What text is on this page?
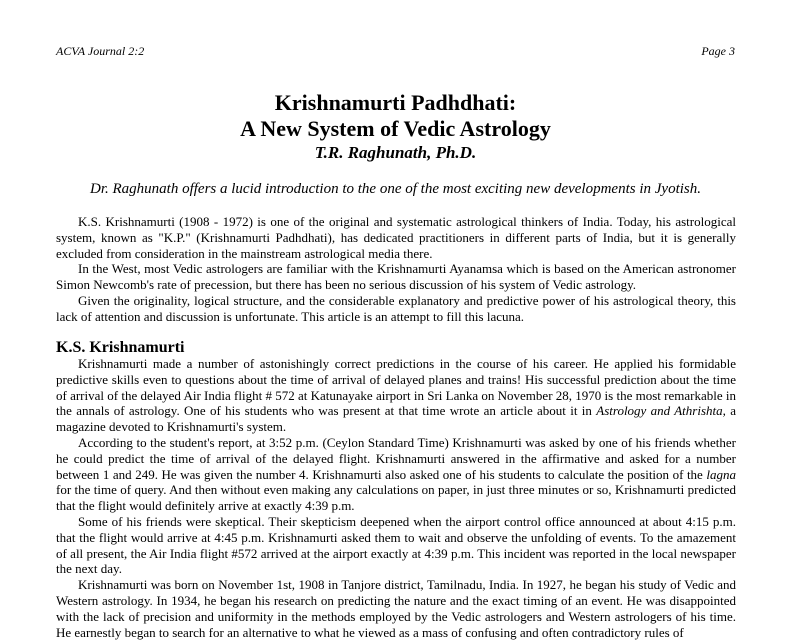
ACVA Journal 2:2	Page 3
Krishnamurti Padhdhati:
A New System of Vedic Astrology
T.R. Raghunath, Ph.D.
Dr. Raghunath offers a lucid introduction to the one of the most exciting new developments in Jyotish.

K.S. Krishnamurti (1908 - 1972) is one of the original and systematic astrological thinkers of India. Today, his astrological system, known as "K.P." (Krishnamurti Padhdhati), has dedicated practitioners in different parts of India, but it is generally excluded from consideration in the mainstream astrological media there.

In the West, most Vedic astrologers are familiar with the Krishnamurti Ayanamsa which is based on the American astronomer Simon Newcomb's rate of precession, but there has been no serious discussion of his system of Vedic astrology.

Given the originality, logical structure, and the considerable explanatory and predictive power of his astrological theory, this lack of attention and discussion is unfortunate. This article is an attempt to fill this lacuna.

K.S. Krishnamurti

Krishnamurti made a number of astonishingly correct predictions in the course of his career. He applied his formidable predictive skills even to questions about the time of arrival of delayed planes and trains! His successful prediction about the time of arrival of the delayed Air India flight # 572 at Katunayake airport in Sri Lanka on November 28, 1970 is the most remarkable in the annals of astrology. One of his students who was present at that time wrote an article about it in Astrology and Athrishta, a magazine devoted to Krishnamurti's system.

According to the student's report, at 3:52 p.m. (Ceylon Standard Time) Krishnamurti was asked by one of his friends whether he could predict the time of arrival of the delayed flight. Krishnamurti answered in the affirmative and asked for a number between 1 and 249. He was given the number 4. Krishnamurti also asked one of his students to calculate the position of the lagna for the time of query. And then without even making any calculations on paper, in just three minutes or so, Krishnamurti predicted that the flight would definitely arrive at exactly 4:39 p.m.

Some of his friends were skeptical. Their skepticism deepened when the airport control office announced at about 4:15 p.m. that the flight would arrive at 4:45 p.m. Krishnamurti asked them to wait and observe the unfolding of events. To the amazement of all present, the Air India flight #572 arrived at the airport exactly at 4:39 p.m. This incident was reported in the local newspaper the next day.

Krishnamurti was born on November 1st, 1908 in Tanjore district, Tamilnadu, India. In 1927, he began his study of Vedic and Western astrology. In 1934, he began his research on predicting the nature and the exact timing of an event. He was disappointed with the lack of precision and uniformity in the methods employed by the Vedic astrologers and Western astrologers of his time. He earnestly began to search for an alternative to what he viewed as a mass of confusing and often contradictory rules of
